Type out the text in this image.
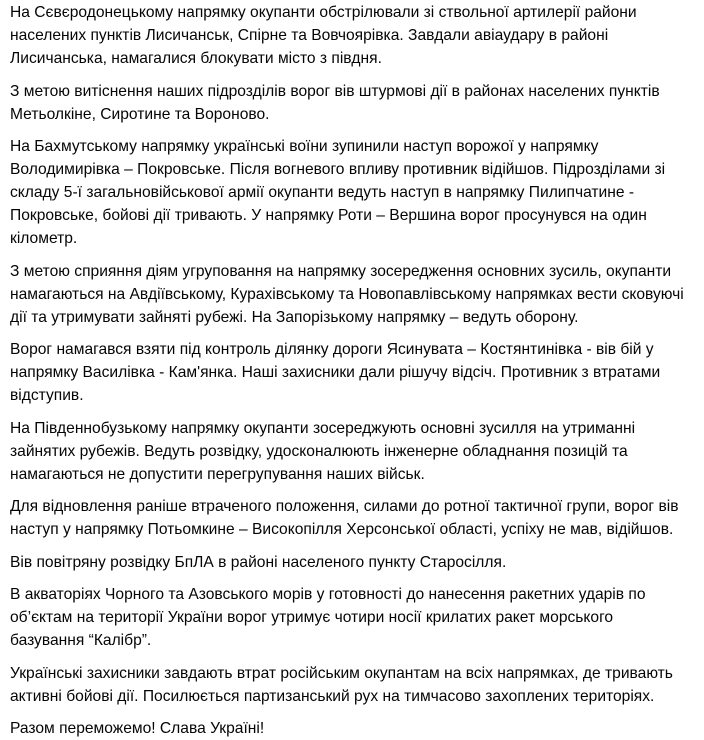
На Сєвєродонецькому напрямку окупанти обстрілювали зі ствольної артилерії райони
населених пунктів Лисичанськ, Спірне та Вовчоярівка. Завдали авіаудару в районі
Лисичанська, намагалися блокувати місто з півдня.

З метою витіснення наших підрозділів ворог вів штурмові дії в районах населених пунктів
Метьолкіне, Сиротине та Вороново.

На Бахмутському напрямку українські воїни зупинили наступ ворожої у напрямку
Володимирівка – Покровське. Після вогневого впливу противник відійшов. Підрозділами зі
складу 5-ї загальновійськової армії окупанти ведуть наступ в напрямку Пилипчатине -
Покровське, бойові дії тривають. У напрямку Роти – Вершина ворог просунувся на один
кілометр.

З метою сприяння діям угруповання на напрямку зосередження основних зусиль, окупанти
намагаються на Авдіївському, Курахівському та Новопавлівському напрямках вести сковуючі
дії та утримувати зайняті рубежі. На Запорізькому напрямку – ведуть оборону.

Ворог намагався взяти під контроль ділянку дороги Ясинувата – Костянтинівка - вів бій у
напрямку Василівка - Кам'янка. Наші захисники дали рішучу відсіч. Противник з втратами
відступив.

На Південнобузькому напрямку окупанти зосереджують основні зусилля на утриманні
зайнятих рубежів. Ведуть розвідку, удосконалюють інженерне обладнання позицій та
намагаються не допустити перегрупування наших військ.

Для відновлення раніше втраченого положення, силами до ротної тактичної групи, ворог вів
наступ у напрямку Потьомкине – Високопілля Херсонської області, успіху не мав, відійшов.

Вів повітряну розвідку БпЛА в районі населеного пункту Старосілля.

В акваторіях Чорного та Азовського морів у готовності до нанесення ракетних ударів по
об’єктам на території України ворог утримує чотири носії крилатих ракет морського
базування “Калібр”.

Українські захисники завдають втрат російським окупантам на всіх напрямках, де тривають
активні бойові дії. Посилюється партизанський рух на тимчасово захоплених територіях.

Разом переможемо! Слава Україні!
